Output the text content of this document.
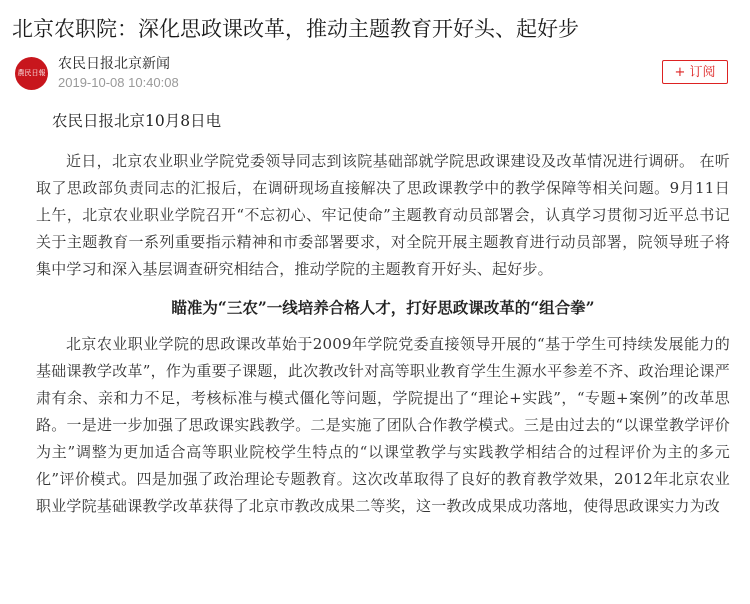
北京农职院：深化思政课改革，推动主题教育开好头、起好步
農民日報
农民日报北京新闻
2019-10-08 10:40:08
+ 订阅

农民日报北京10月8日电

近日，北京农业职业学院党委领导同志到该院基础部就学院思政课建设及改革情况进行调研。 在听取了思政部负责同志的汇报后，在调研现场直接解决了思政课教学中的教学保障等相关问题。9月11日上午，北京农业职业学院召开“不忘初心、牢记使命”主题教育动员部署会，认真学习贯彻习近平总书记关于主题教育一系列重要指示精神和市委部署要求，对全院开展主题教育进行动员部署，院领导班子将集中学习和深入基层调查研究相结合，推动学院的主题教育开好头、起好步。

瞄准为“三农”一线培养合格人才，打好思政课改革的“组合拳”

北京农业职业学院的思政课改革始于2009年学院党委直接领导开展的“基于学生可持续发展能力的基础课教学改革”，作为重要子课题，此次教改针对高等职业教育学生生源水平参差不齐、政治理论课严肃有余、亲和力不足，考核标准与模式僵化等问题，学院提出了“理论+实践”，“专题+案例”的改革思路。一是进一步加强了思政课实践教学。二是实施了团队合作教学模式。三是由过去的“以课堂教学评价为主”调整为更加适合高等职业院校学生特点的“以课堂教学与实践教学相结合的过程评价为主的多元化”评价模式。四是加强了政治理论专题教育。这次改革取得了良好的教育教学效果，2012年北京农业职业学院基础课教学改革获得了北京市教改成果二等奖，这一教改成果成功落地，使得思政课实力为改
